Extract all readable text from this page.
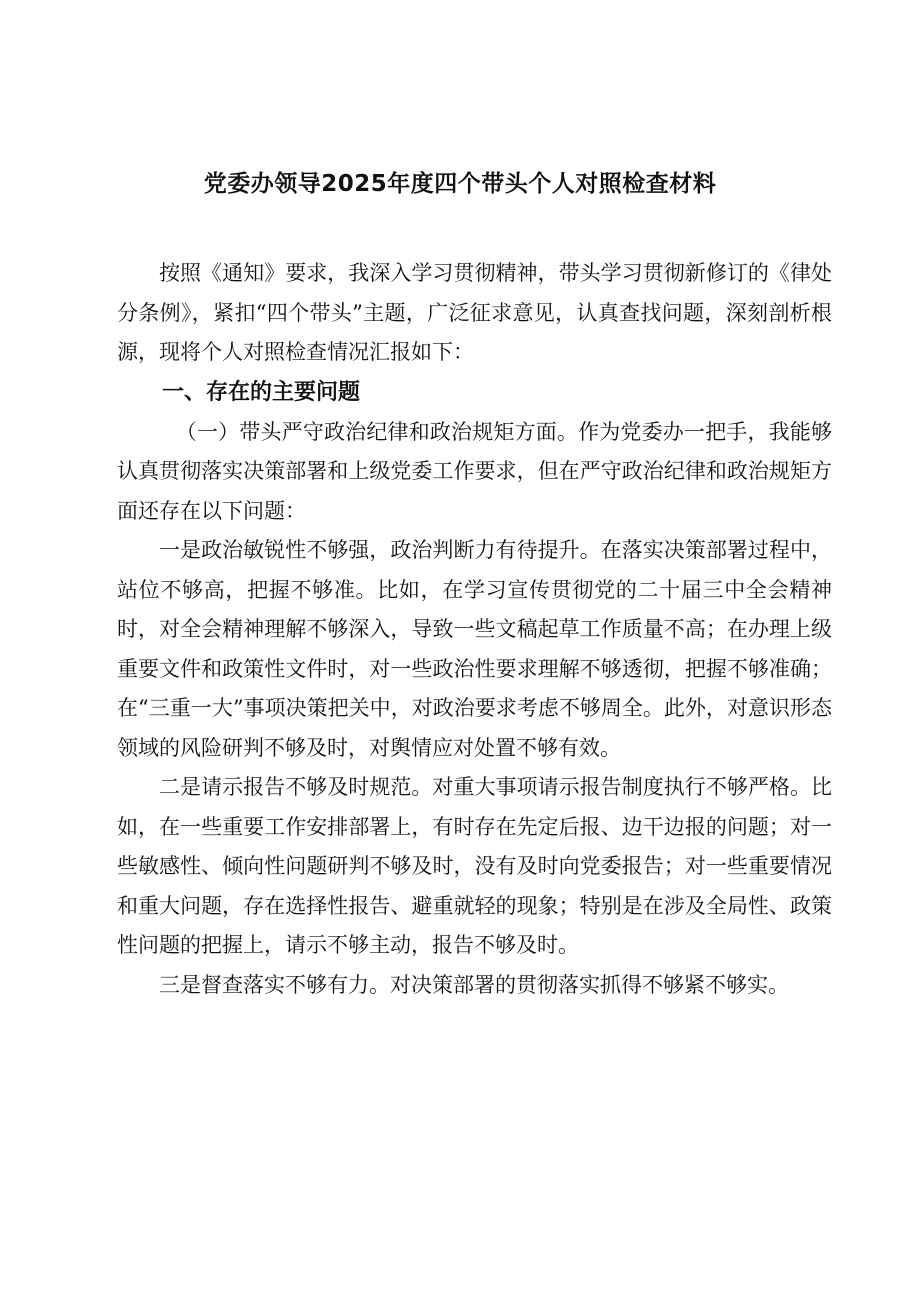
党委办领导2025年度四个带头个人对照检查材料

按照《通知》要求，我深入学习贯彻精神，带头学习贯彻新修订的《律处分条例》，紧扣“四个带头”主题，广泛征求意见，认真查找问题，深刻剖析根源，现将个人对照检查情况汇报如下：

一、存在的主要问题

（一）带头严守政治纪律和政治规矩方面。作为党委办一把手，我能够认真贯彻落实决策部署和上级党委工作要求，但在严守政治纪律和政治规矩方面还存在以下问题：

一是政治敏锐性不够强，政治判断力有待提升。在落实决策部署过程中，站位不够高，把握不够准。比如，在学习宣传贯彻党的二十届三中全会精神时，对全会精神理解不够深入，导致一些文稿起草工作质量不高；在办理上级重要文件和政策性文件时，对一些政治性要求理解不够透彻，把握不够准确；在“三重一大”事项决策把关中，对政治要求考虑不够周全。此外，对意识形态领域的风险研判不够及时，对舆情应对处置不够有效。

二是请示报告不够及时规范。对重大事项请示报告制度执行不够严格。比如，在一些重要工作安排部署上，有时存在先定后报、边干边报的问题；对一些敏感性、倾向性问题研判不够及时，没有及时向党委报告；对一些重要情况和重大问题，存在选择性报告、避重就轻的现象；特别是在涉及全局性、政策性问题的把握上，请示不够主动，报告不够及时。

三是督查落实不够有力。对决策部署的贯彻落实抓得不够紧不够实。
